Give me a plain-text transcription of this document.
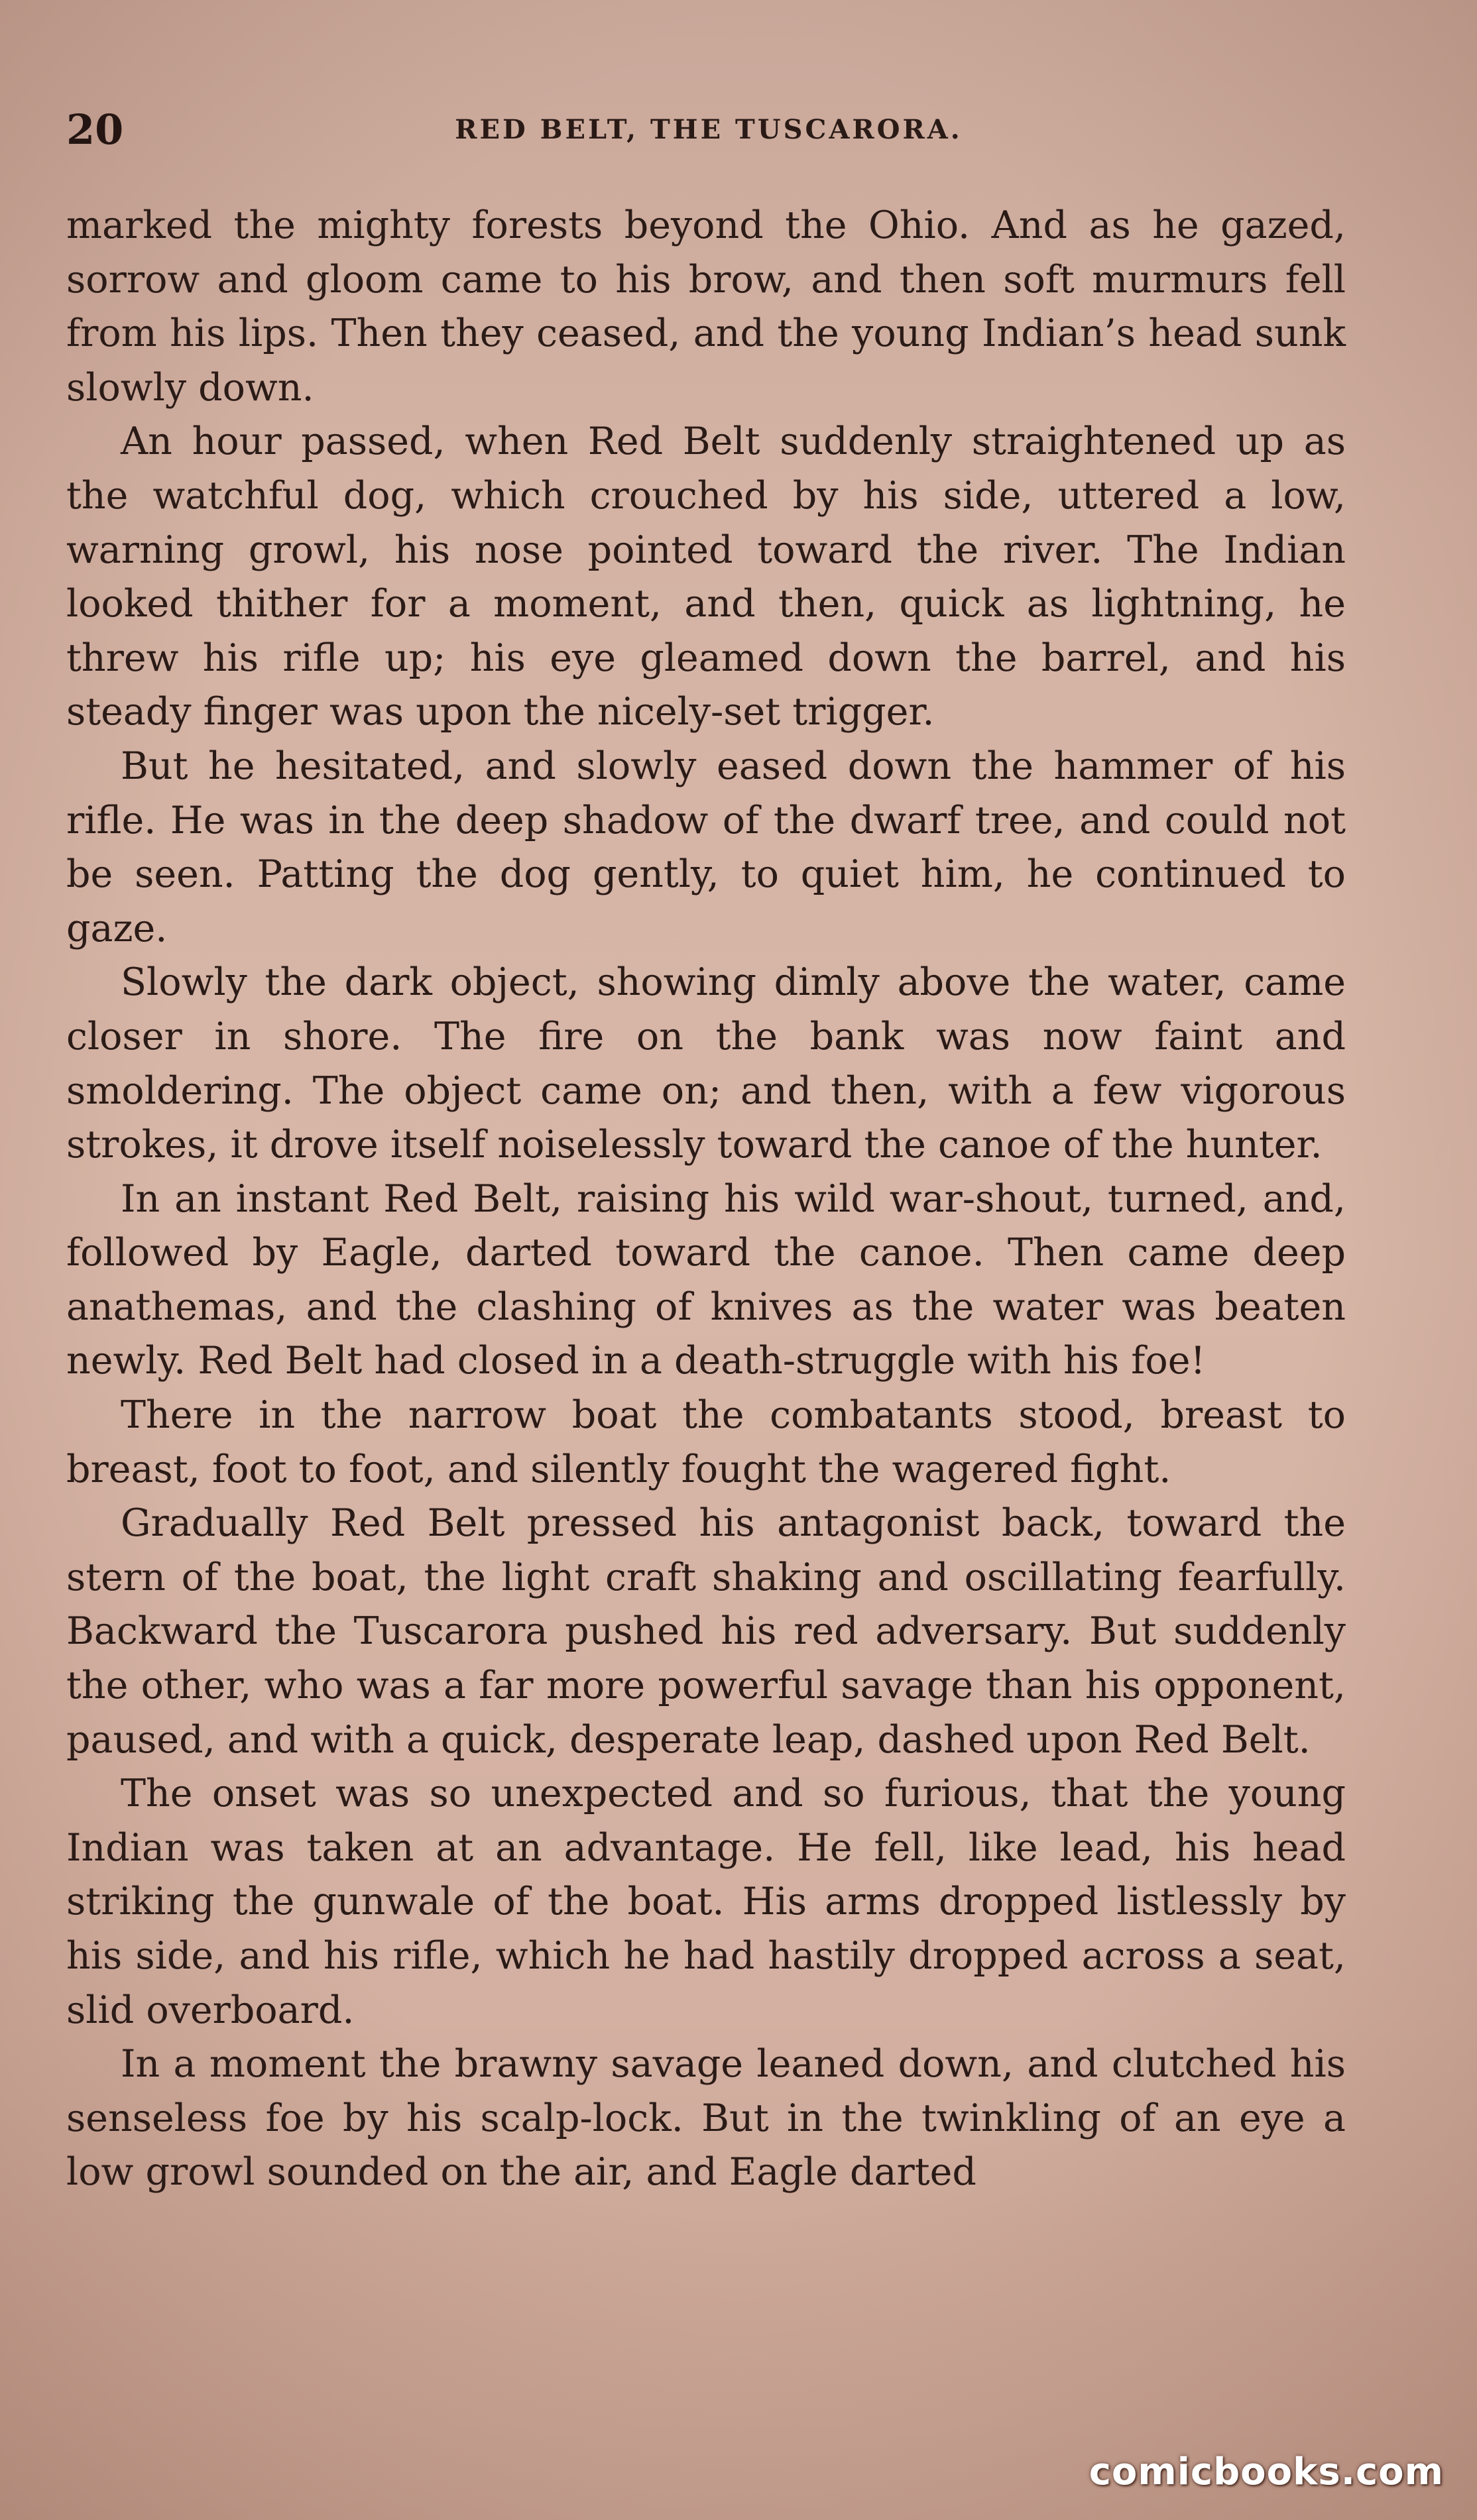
20	RED BELT, THE TUSCARORA.

marked the mighty forests beyond the Ohio. And as he gazed, sorrow and gloom came to his brow, and then soft murmurs fell from his lips. Then they ceased, and the young Indian’s head sunk slowly down.

An hour passed, when Red Belt suddenly straightened up as the watchful dog, which crouched by his side, uttered a low, warning growl, his nose pointed toward the river. The Indian looked thither for a moment, and then, quick as lightning, he threw his rifle up; his eye gleamed down the barrel, and his steady finger was upon the nicely-set trigger.

But he hesitated, and slowly eased down the hammer of his rifle. He was in the deep shadow of the dwarf tree, and could not be seen. Patting the dog gently, to quiet him, he continued to gaze.

Slowly the dark object, showing dimly above the water, came closer in shore. The fire on the bank was now faint and smoldering. The object came on; and then, with a few vigorous strokes, it drove itself noiselessly toward the canoe of the hunter.

In an instant Red Belt, raising his wild war-shout, turned, and, followed by Eagle, darted toward the canoe. Then came deep anathemas, and the clashing of knives as the water was beaten newly. Red Belt had closed in a death-struggle with his foe!

There in the narrow boat the combatants stood, breast to breast, foot to foot, and silently fought the wagered fight.

Gradually Red Belt pressed his antagonist back, toward the stern of the boat, the light craft shaking and oscillating fearfully. Backward the Tuscarora pushed his red adversary. But suddenly the other, who was a far more powerful savage than his opponent, paused, and with a quick, desperate leap, dashed upon Red Belt.

The onset was so unexpected and so furious, that the young Indian was taken at an advantage. He fell, like lead, his head striking the gunwale of the boat. His arms dropped listlessly by his side, and his rifle, which he had hastily dropped across a seat, slid overboard.

In a moment the brawny savage leaned down, and clutched his senseless foe by his scalp-lock. But in the twinkling of an eye a low growl sounded on the air, and Eagle darted

comicbooks.com
